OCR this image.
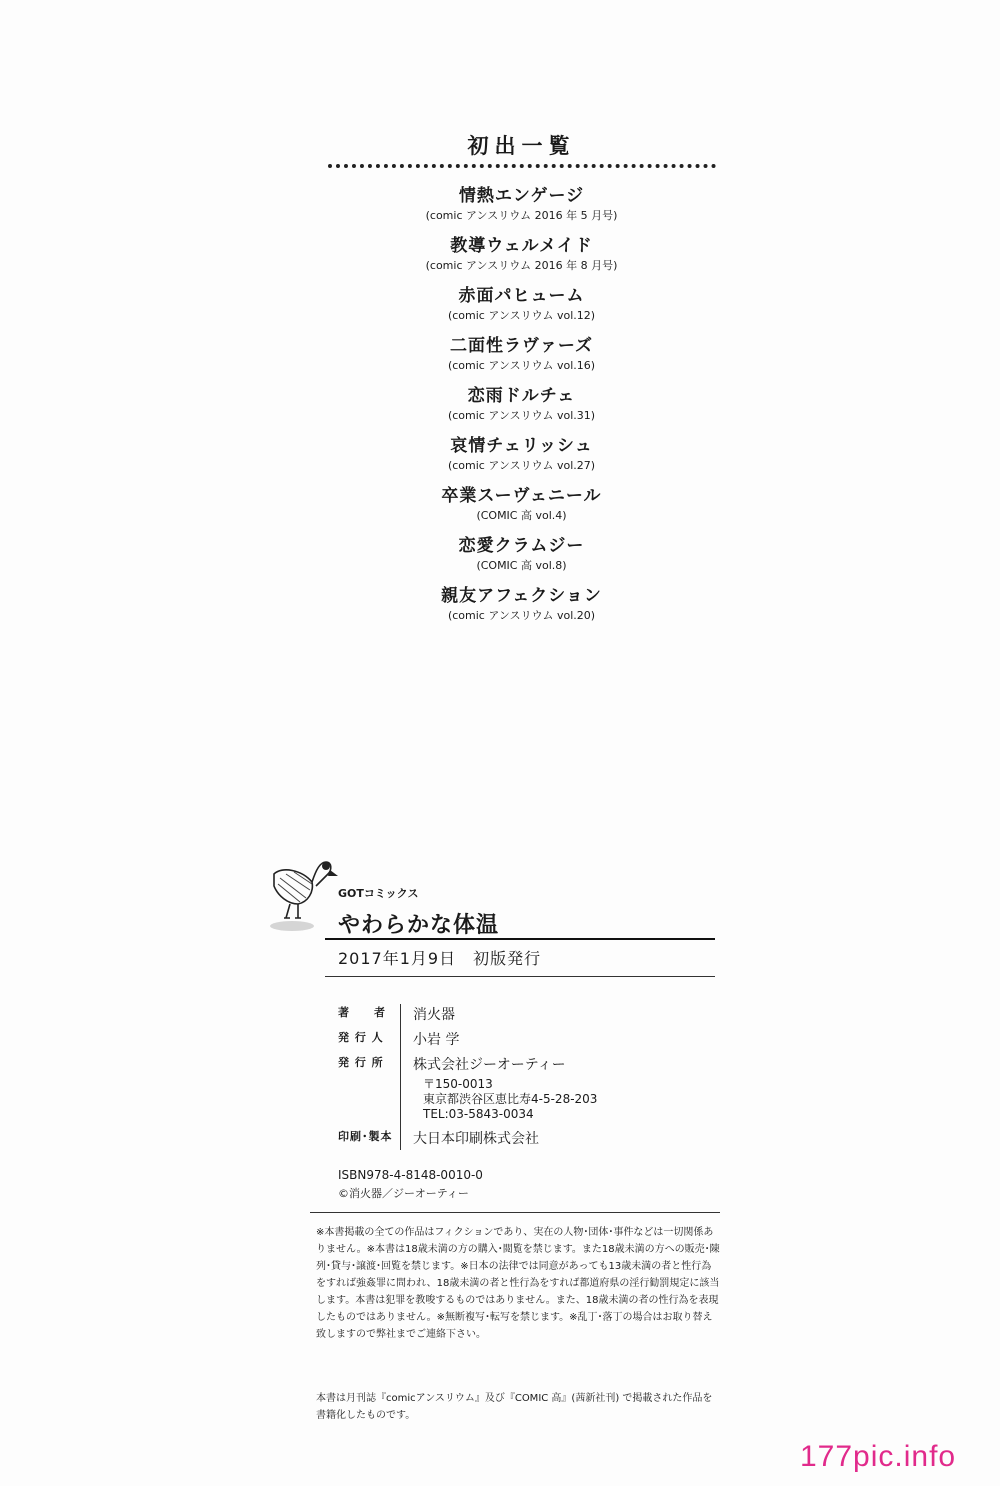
初出一覧
情熱エンゲージ
(comic アンスリウム 2016 年 5 月号)
教導ウェルメイド
(comic アンスリウム 2016 年 8 月号)
赤面パヒューム
(comic アンスリウム vol.12)
二面性ラヴァーズ
(comic アンスリウム vol.16)
恋雨ドルチェ
(comic アンスリウム vol.31)
哀情チェリッシュ
(comic アンスリウム vol.27)
卒業スーヴェニール
(COMIC 高 vol.4)
恋愛クラムジー
(COMIC 高 vol.8)
親友アフェクション
(comic アンスリウム vol.20)
GOTコミックス
やわらかな体温
2017年1月9日　初版発行
著　　者	消火器
発 行 人	小岩 学
発 行 所	株式会社ジーオーティー
〒150-0013
東京都渋谷区恵比寿4-5-28-203
TEL:03-5843-0034
印刷･製本	大日本印刷株式会社
ISBN978-4-8148-0010-0
©消火器／ジーオーティー
※本書掲載の全ての作品はフィクションであり、実在の人物･団体･事件などは一切関係ありません。※本書は18歳未満の方の購入･閲覧を禁じます。また18歳未満の方への販売･陳列･貸与･譲渡･回覧を禁じます。※日本の法律では同意があっても13歳未満の者と性行為をすれば強姦罪に問われ、18歳未満の者と性行為をすれば都道府県の淫行勧罰規定に該当します。本書は犯罪を教唆するものではありません。また、18歳未満の者の性行為を表現したものではありません。※無断複写･転写を禁じます。※乱丁･落丁の場合はお取り替え致しますので弊社までご連絡下さい。
本書は月刊誌『comicアンスリウム』及び『COMIC 高』(茜新社刊) で掲載された作品を書籍化したものです。
177pic.info
